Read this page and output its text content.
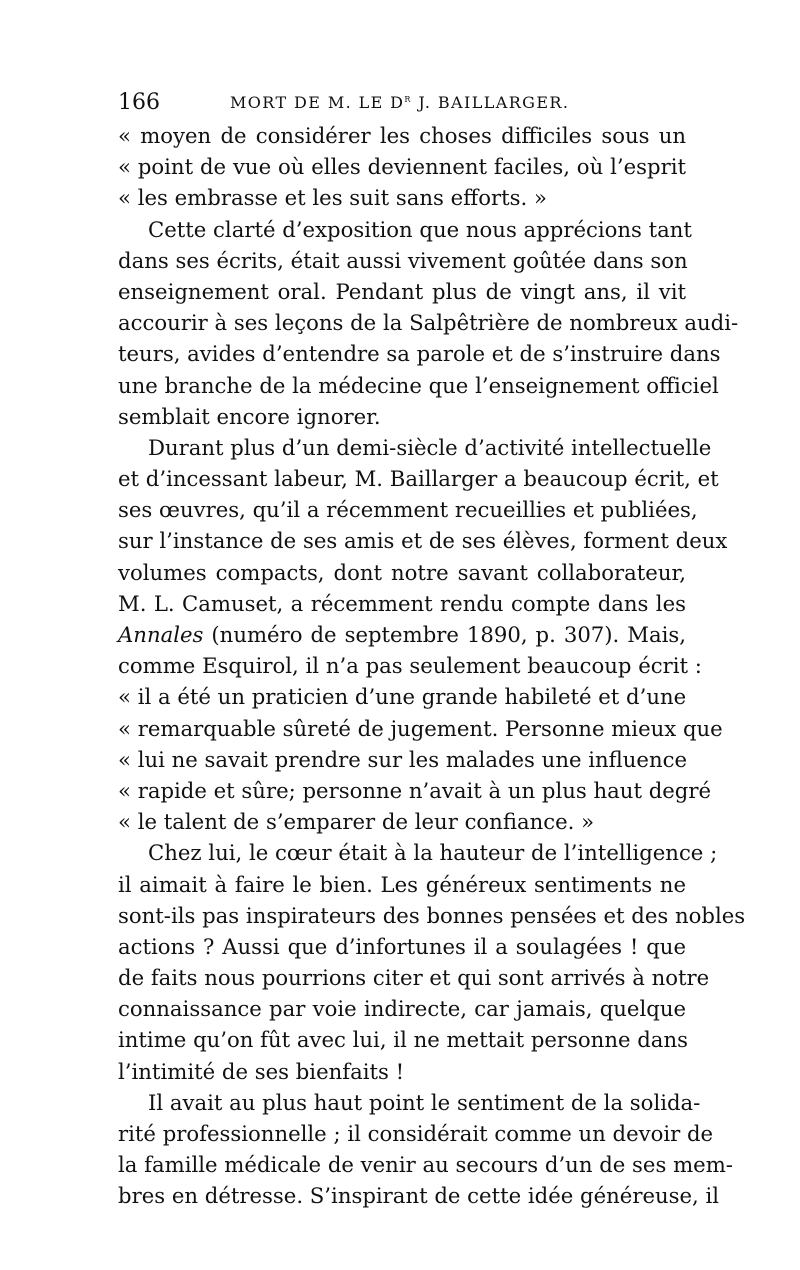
166	MORT DE M. LE $D^r$ J. BAILLARGER.
« moyen de considérer les choses difficiles sous un
« point de vue où elles deviennent faciles, où l’esprit
« les embrasse et les suit sans efforts. »
Cette clarté d’exposition que nous apprécions tant
dans ses écrits, était aussi vivement goûtée dans son
enseignement oral. Pendant plus de vingt ans, il vit
accourir à ses leçons de la Salpêtrière de nombreux audi-
teurs, avides d’entendre sa parole et de s’instruire dans
une branche de la médecine que l’enseignement officiel
semblait encore ignorer.
Durant plus d’un demi-siècle d’activité intellectuelle
et d’incessant labeur, M. Baillarger a beaucoup écrit, et
ses œuvres, qu’il a récemment recueillies et publiées,
sur l’instance de ses amis et de ses élèves, forment deux
volumes compacts, dont notre savant collaborateur,
M. L. Camuset, a récemment rendu compte dans les
Annales (numéro de septembre 1890, p. 307). Mais,
comme Esquirol, il n’a pas seulement beaucoup écrit :
« il a été un praticien d’une grande habileté et d’une
« remarquable sûreté de jugement. Personne mieux que
« lui ne savait prendre sur les malades une influence
« rapide et sûre; personne n’avait à un plus haut degré
« le talent de s’emparer de leur confiance. »
Chez lui, le cœur était à la hauteur de l’intelligence ;
il aimait à faire le bien. Les généreux sentiments ne
sont-ils pas inspirateurs des bonnes pensées et des nobles
actions ? Aussi que d’infortunes il a soulagées ! que
de faits nous pourrions citer et qui sont arrivés à notre
connaissance par voie indirecte, car jamais, quelque
intime qu’on fût avec lui, il ne mettait personne dans
l’intimité de ses bienfaits !
Il avait au plus haut point le sentiment de la solida-
rité professionnelle ; il considérait comme un devoir de
la famille médicale de venir au secours d’un de ses mem-
bres en détresse. S’inspirant de cette idée généreuse, il
